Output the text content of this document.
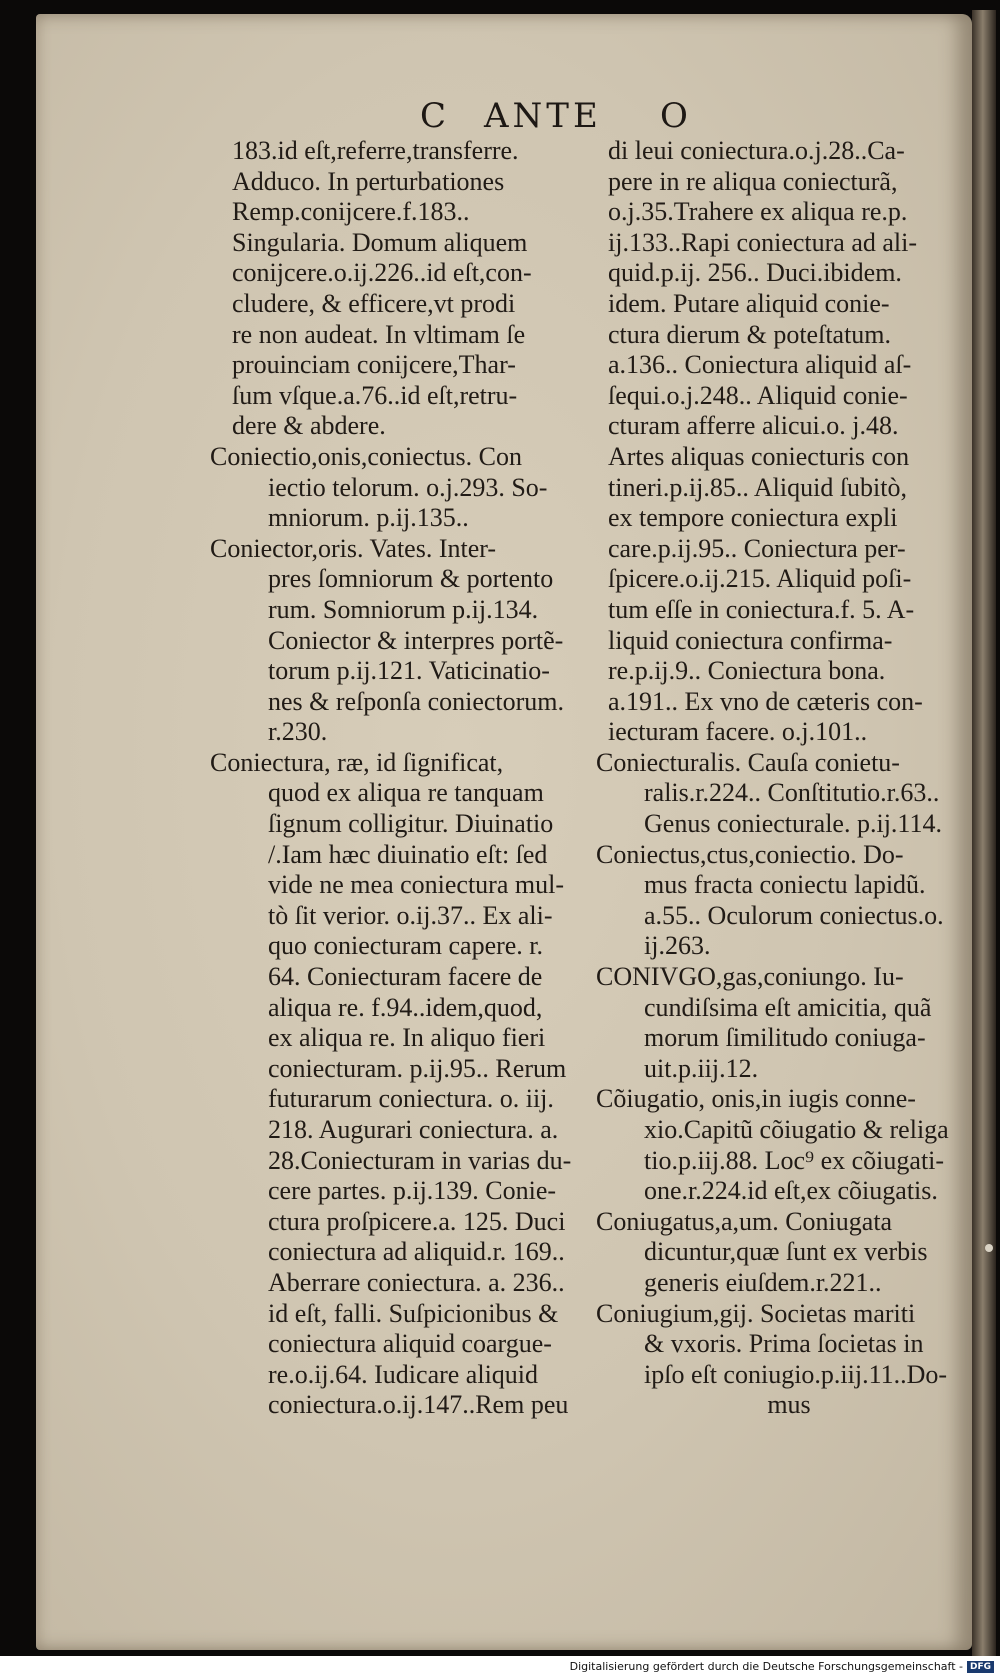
C ANTE O
183.id eſt,referre,transferre.
Adduco. In perturbationes
Remp.conijcere.f.183..
Singularia. Domum aliquem
conijcere.o.ij.226..id eſt,con-
cludere, & efficere,vt prodi
re non audeat. In vltimam ſe
prouinciam conijcere,Thar-
ſum vſque.a.76..id eſt,retru-
dere & abdere.
Coniectio,onis,coniectus. Con
iectio telorum. o.j.293. So-
mniorum. p.ij.135..
Coniector,oris. Vates. Inter-
pres ſomniorum & portento
rum. Somniorum p.ij.134.
Coniector & interpres portẽ-
torum p.ij.121. Vaticinatio-
nes & reſponſa coniectorum.
r.230.
Coniectura, ræ, id ſignificat,
quod ex aliqua re tanquam
ſignum colligitur. Diuinatio
/.Iam hæc diuinatio eſt: ſed
vide ne mea coniectura mul-
tò ſit verior. o.ij.37.. Ex ali-
quo coniecturam capere. r.
64. Coniecturam facere de
aliqua re. f.94..idem,quod,
ex aliqua re. In aliquo fieri
coniecturam. p.ij.95.. Rerum
futurarum coniectura. o. iij.
218. Augurari coniectura. a.
28.Coniecturam in varias du-
cere partes. p.ij.139. Conie-
ctura proſpicere.a. 125. Duci
coniectura ad aliquid.r. 169..
Aberrare coniectura. a. 236..
id eſt, falli. Suſpicionibus &
coniectura aliquid coargue-
re.o.ij.64. Iudicare aliquid
coniectura.o.ij.147..Rem peu
di leui coniectura.o.j.28..Ca-
pere in re aliqua coniecturã,
o.j.35.Trahere ex aliqua re.p.
ij.133..Rapi coniectura ad ali-
quid.p.ij. 256.. Duci.ibidem.
idem. Putare aliquid conie-
ctura dierum & poteſtatum.
a.136.. Coniectura aliquid aſ-
ſequi.o.j.248.. Aliquid conie-
cturam afferre alicui.o. j.48.
Artes aliquas coniecturis con
tineri.p.ij.85.. Aliquid ſubitò,
ex tempore coniectura expli
care.p.ij.95.. Coniectura per-
ſpicere.o.ij.215. Aliquid poſi-
tum eſſe in coniectura.f. 5. A-
liquid coniectura confirma-
re.p.ij.9.. Coniectura bona.
a.191.. Ex vno de cæteris con-
iecturam facere. o.j.101..
Coniecturalis. Cauſa conietu-
ralis.r.224.. Conſtitutio.r.63..
Genus coniecturale. p.ij.114.
Coniectus,ctus,coniectio. Do-
mus fracta coniectu lapidũ.
a.55.. Oculorum coniectus.o.
ij.263.
CONIVGO,gas,coniungo. Iu-
cundiſsima eſt amicitia, quã
morum ſimilitudo coniuga-
uit.p.iij.12.
Cõiugatio, onis,in iugis conne-
xio.Capitũ cõiugatio & religa
tio.p.iij.88. Loc⁹ ex cõiugati-
one.r.224.id eſt,ex cõiugatis.
Coniugatus,a,um. Coniugata
dicuntur,quæ ſunt ex verbis
generis eiuſdem.r.221..
Coniugium,gij. Societas mariti
& vxoris. Prima ſocietas in
ipſo eſt coniugio.p.iij.11..Do-
mus
Digitalisierung gefördert durch die Deutsche Forschungsgemeinschaft - DFG
